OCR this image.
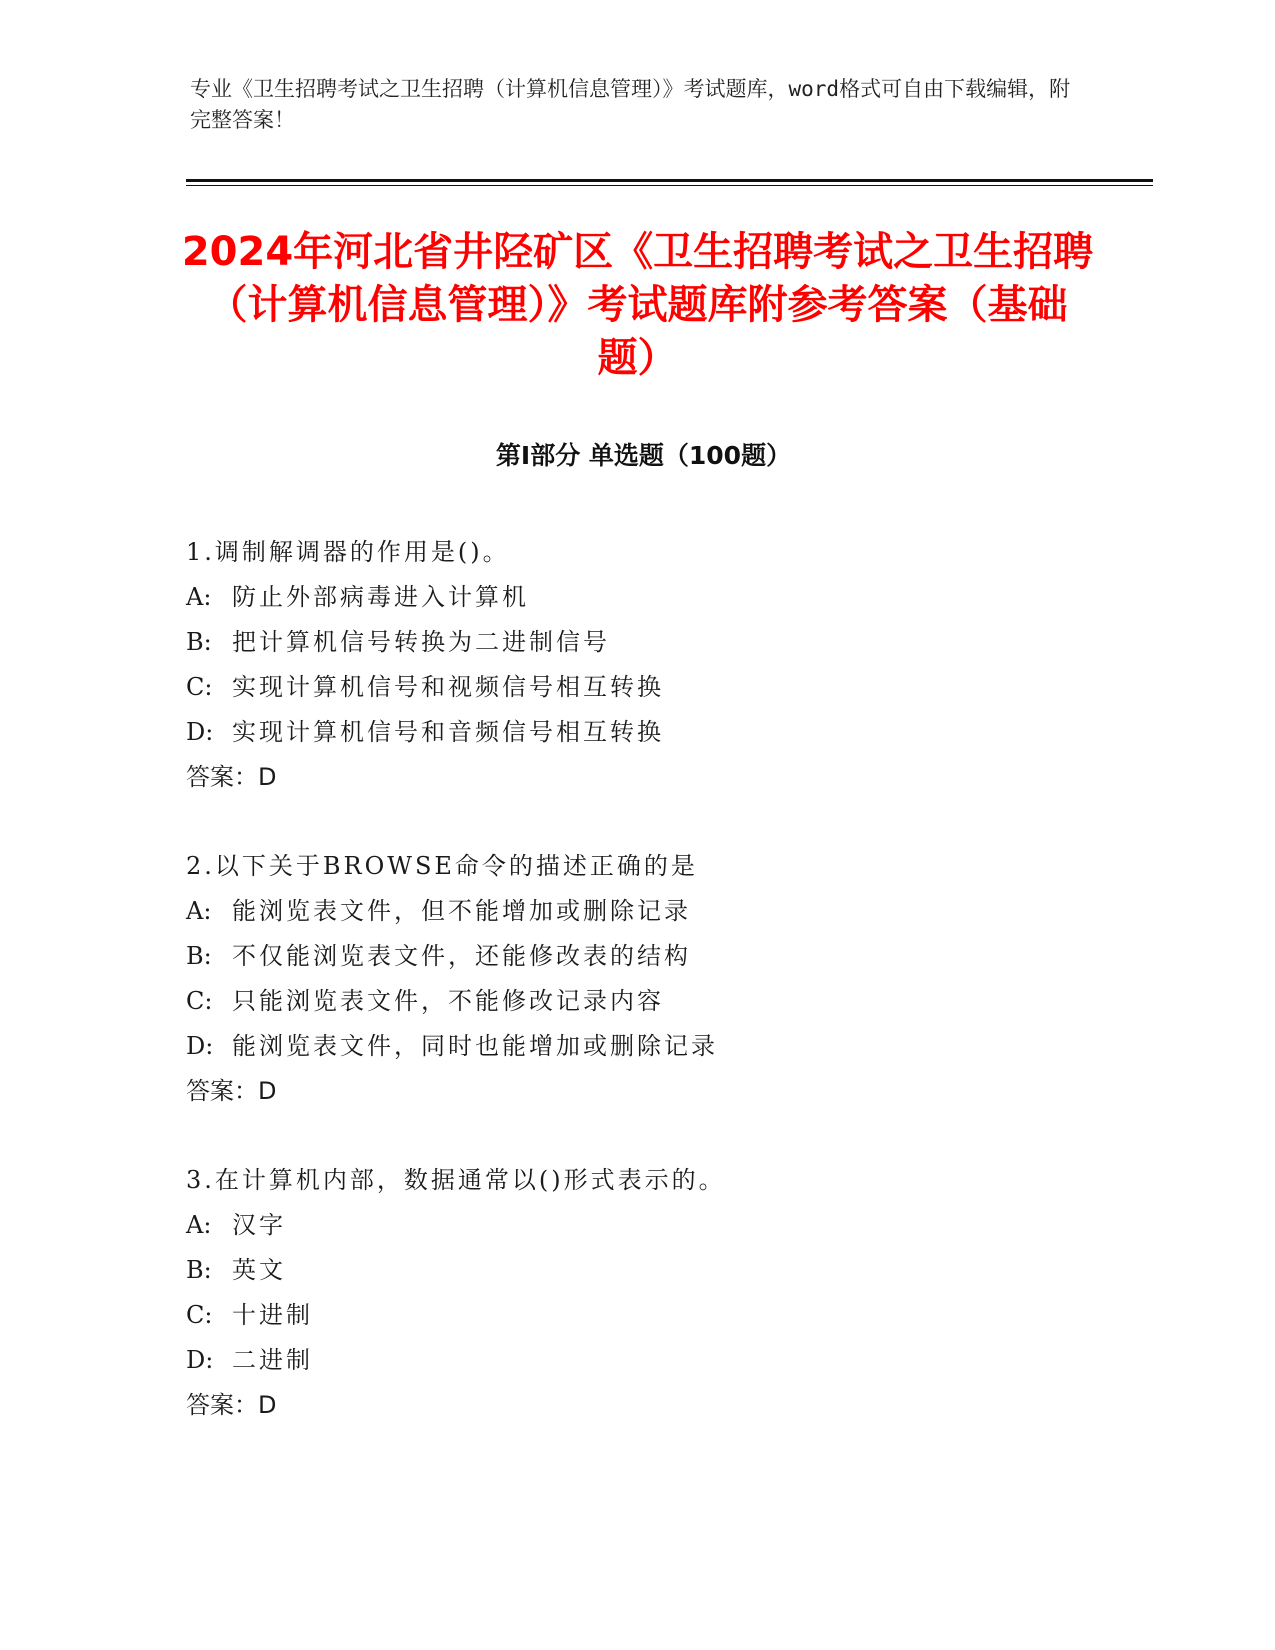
专业《卫生招聘考试之卫生招聘（计算机信息管理）》考试题库，word格式可自由下载编辑，附完整答案！
2024年河北省井陉矿区《卫生招聘考试之卫生招聘（计算机信息管理）》考试题库附参考答案（基础题）
第Ⅰ部分 单选题（100题）
1.调制解调器的作用是()。
A: 防止外部病毒进入计算机
B: 把计算机信号转换为二进制信号
C: 实现计算机信号和视频信号相互转换
D: 实现计算机信号和音频信号相互转换
答案：D
2.以下关于BROWSE命令的描述正确的是
A: 能浏览表文件，但不能增加或删除记录
B: 不仅能浏览表文件，还能修改表的结构
C: 只能浏览表文件，不能修改记录内容
D: 能浏览表文件，同时也能增加或删除记录
答案：D
3.在计算机内部，数据通常以()形式表示的。
A: 汉字
B: 英文
C: 十进制
D: 二进制
答案：D
